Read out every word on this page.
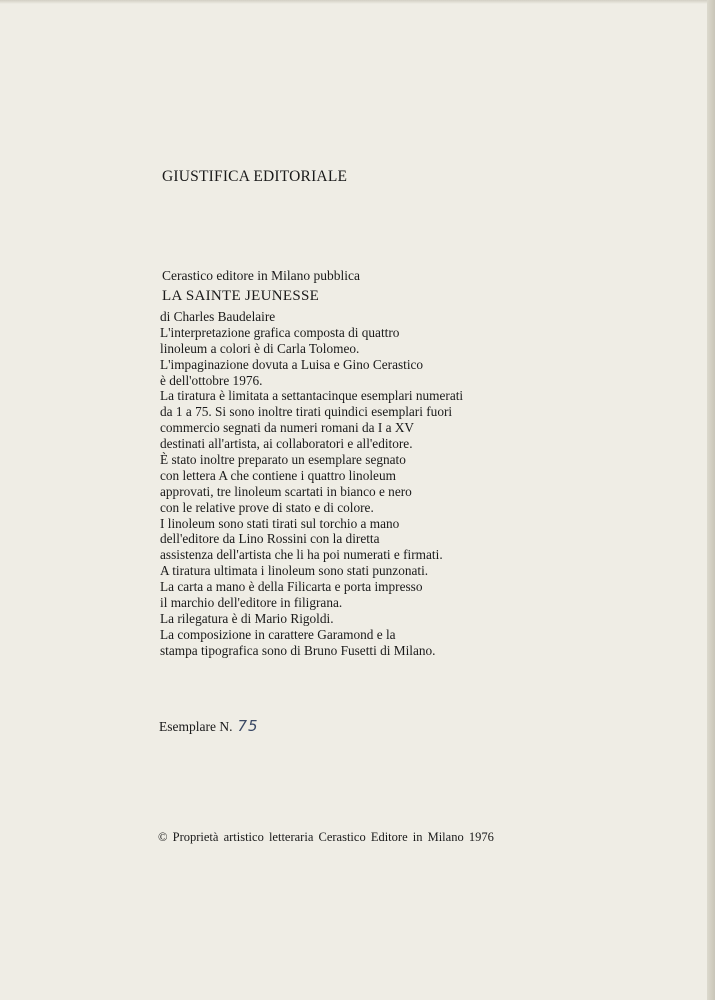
GIUSTIFICA EDITORIALE
Cerastico editore in Milano pubblica
LA SAINTE JEUNESSE
di Charles Baudelaire
L'interpretazione grafica composta di quattro
linoleum a colori è di Carla Tolomeo.
L'impaginazione dovuta a Luisa e Gino Cerastico
è dell'ottobre 1976.
La tiratura è limitata a settantacinque esemplari numerati
da 1 a 75. Si sono inoltre tirati quindici esemplari fuori
commercio segnati da numeri romani da I a XV
destinati all'artista, ai collaboratori e all'editore.
È stato inoltre preparato un esemplare segnato
con lettera A che contiene i quattro linoleum
approvati, tre linoleum scartati in bianco e nero
con le relative prove di stato e di colore.
I linoleum sono stati tirati sul torchio a mano
dell'editore da Lino Rossini con la diretta
assistenza dell'artista che li ha poi numerati e firmati.
A tiratura ultimata i linoleum sono stati punzonati.
La carta a mano è della Filicarta e porta impresso
il marchio dell'editore in filigrana.
La rilegatura è di Mario Rigoldi.
La composizione in carattere Garamond e la
stampa tipografica sono di Bruno Fusetti di Milano.
Esemplare N. 75
© Proprietà artistico letteraria Cerastico Editore in Milano 1976
